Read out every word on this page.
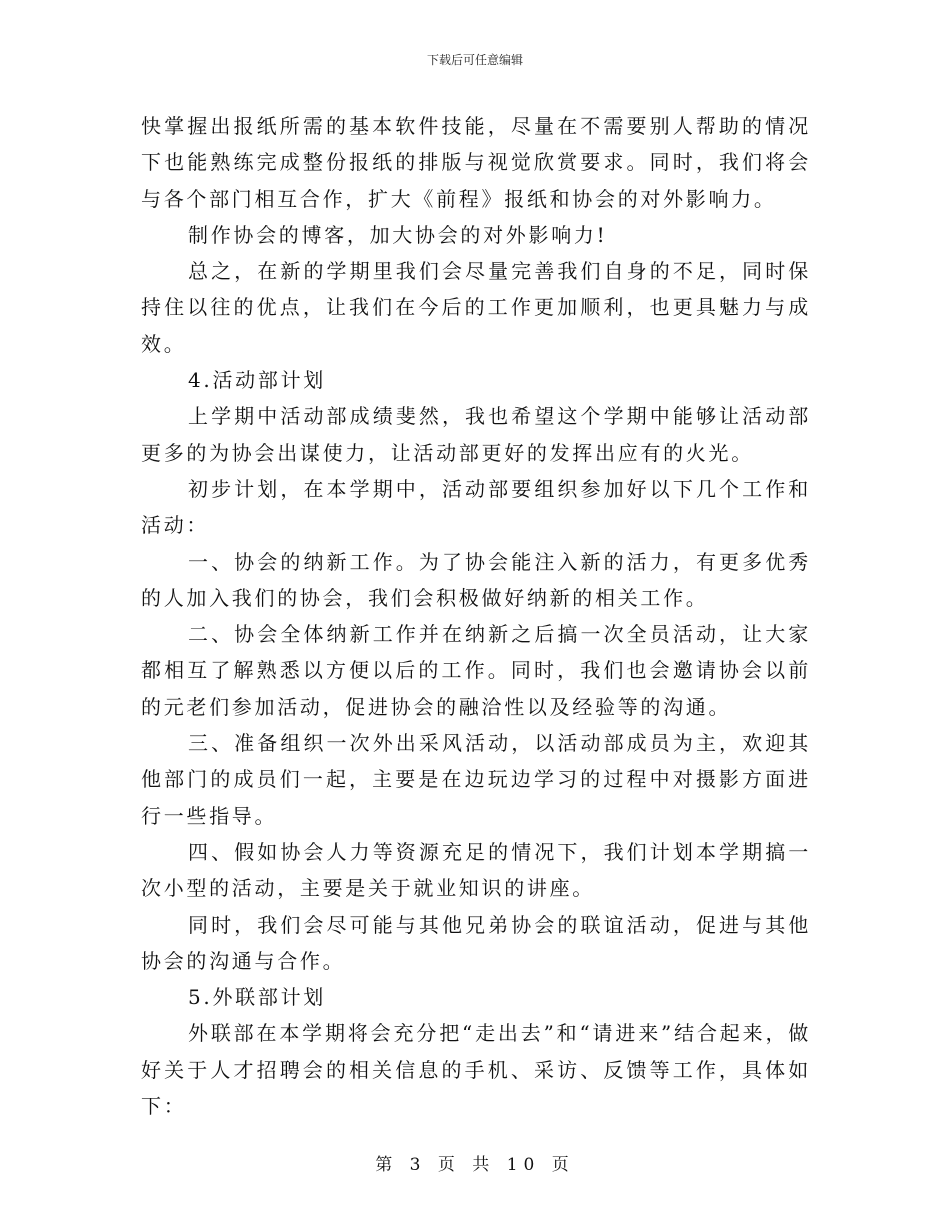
下载后可任意编辑

快掌握出报纸所需的基本软件技能，尽量在不需要别人帮助的情况下也能熟练完成整份报纸的排版与视觉欣赏要求。同时，我们将会与各个部门相互合作，扩大《前程》报纸和协会的对外影响力。

制作协会的博客，加大协会的对外影响力!

总之，在新的学期里我们会尽量完善我们自身的不足，同时保持住以往的优点，让我们在今后的工作更加顺利，也更具魅力与成效。

4.活动部计划

上学期中活动部成绩斐然，我也希望这个学期中能够让活动部更多的为协会出谋使力，让活动部更好的发挥出应有的火光。

初步计划，在本学期中，活动部要组织参加好以下几个工作和活动：

一、协会的纳新工作。为了协会能注入新的活力，有更多优秀的人加入我们的协会，我们会积极做好纳新的相关工作。

二、协会全体纳新工作并在纳新之后搞一次全员活动，让大家都相互了解熟悉以方便以后的工作。同时，我们也会邀请协会以前的元老们参加活动，促进协会的融洽性以及经验等的沟通。

三、准备组织一次外出采风活动，以活动部成员为主，欢迎其他部门的成员们一起，主要是在边玩边学习的过程中对摄影方面进行一些指导。

四、假如协会人力等资源充足的情况下，我们计划本学期搞一次小型的活动，主要是关于就业知识的讲座。

同时，我们会尽可能与其他兄弟协会的联谊活动，促进与其他协会的沟通与合作。

5.外联部计划

外联部在本学期将会充分把“走出去”和“请进来”结合起来，做好关于人才招聘会的相关信息的手机、采访、反馈等工作，具体如下：

第 3 页 共 10 页
